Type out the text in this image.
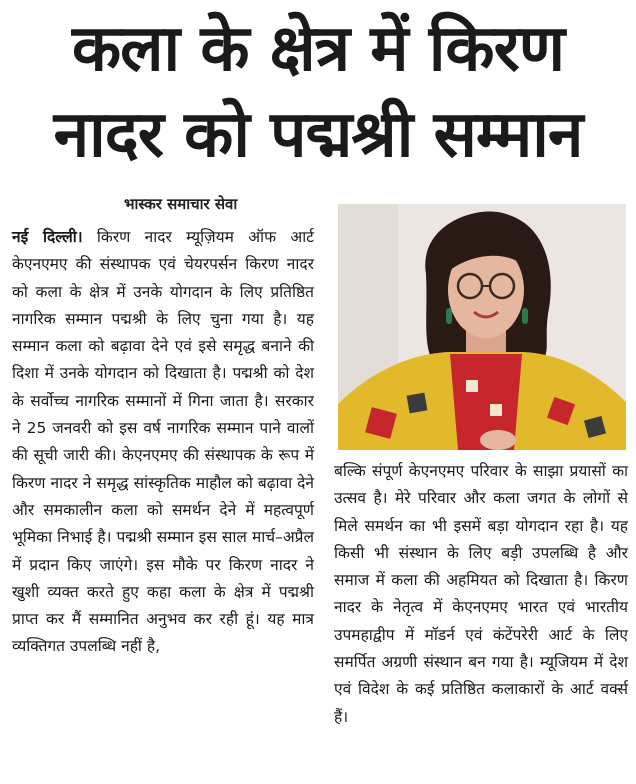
कला के क्षेत्र में किरण
नादर को पद्मश्री सम्मान
भास्कर समाचार सेवा

नई दिल्ली। किरण नादर म्यूज़ियम ऑफ आर्ट केएनएमए की संस्थापक एवं चेयरपर्सन किरण नादर को कला के क्षेत्र में उनके योगदान के लिए प्रतिष्ठित नागरिक सम्मान पद्मश्री के लिए चुना गया है। यह सम्मान कला को बढ़ावा देने एवं इसे समृद्ध बनाने की दिशा में उनके योगदान को दिखाता है। पद्मश्री को देश के सर्वोच्च नागरिक सम्मानों में गिना जाता है। सरकार ने 25 जनवरी को इस वर्ष नागरिक सम्मान पाने वालों की सूची जारी की। केएनएमए की संस्थापक के रूप में किरण नादर ने समृद्ध सांस्कृतिक माहौल को बढ़ावा देने और समकालीन कला को समर्थन देने में महत्वपूर्ण भूमिका निभाई है। पद्मश्री सम्मान इस साल मार्च–अप्रैल में प्रदान किए जाएंगे। इस मौके पर किरण नादर ने खुशी व्यक्त करते हुए कहा कला के क्षेत्र में पद्मश्री प्राप्त कर मैं सम्मानित अनुभव कर रही हूं। यह मात्र व्यक्तिगत उपलब्धि नहीं है,

बल्कि संपूर्ण केएनएमए परिवार के साझा प्रयासों का उत्सव है। मेरे परिवार और कला जगत के लोगों से मिले समर्थन का भी इसमें बड़ा योगदान रहा है। यह किसी भी संस्थान के लिए बड़ी उपलब्धि है और समाज में कला की अहमियत को दिखाता है। किरण नादर के नेतृत्व में केएनएमए भारत एवं भारतीय उपमहाद्वीप में मॉडर्न एवं कंटेंपरेरी आर्ट के लिए समर्पित अग्रणी संस्थान बन गया है। म्यूजियम में देश एवं विदेश के कई प्रतिष्ठित कलाकारों के आर्ट वर्क्स हैं।
